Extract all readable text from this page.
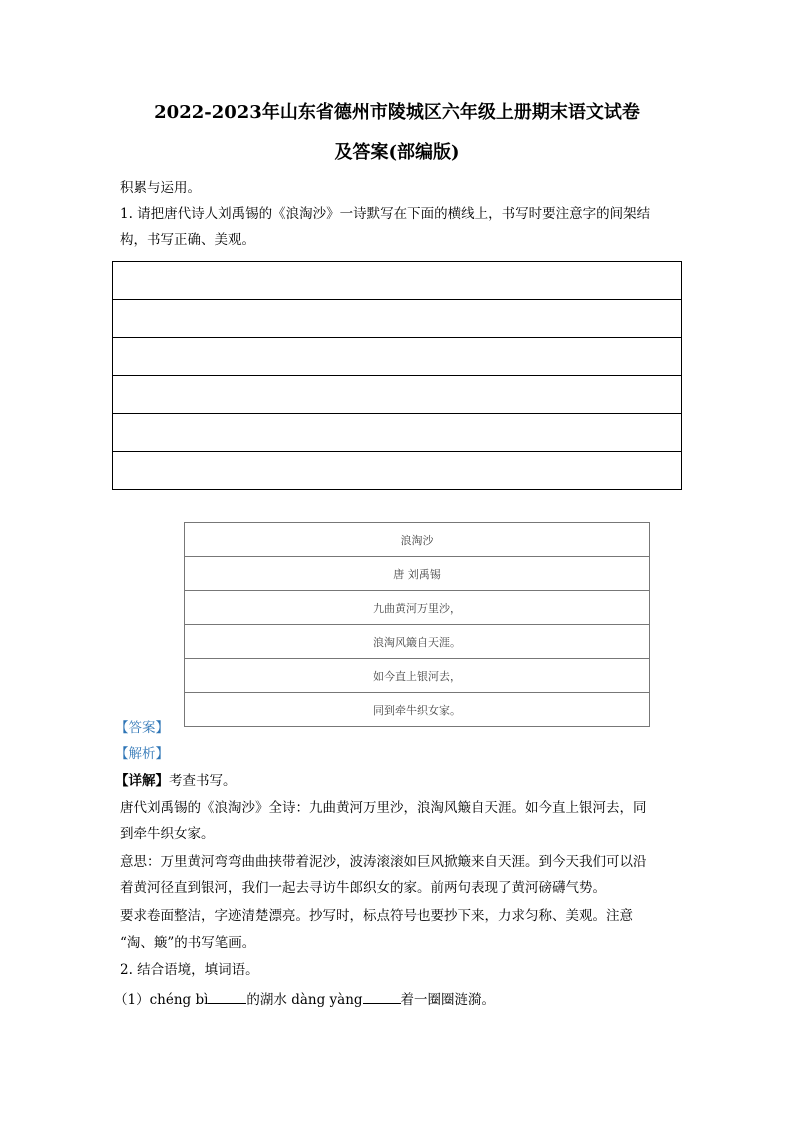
2022-2023年山东省德州市陵城区六年级上册期末语文试卷
及答案(部编版)
积累与运用。
1. 请把唐代诗人刘禹锡的《浪淘沙》一诗默写在下面的横线上，书写时要注意字的间架结
构，书写正确、美观。

浪淘沙
唐 刘禹锡
九曲黄河万里沙，
浪淘风簸自天涯。
如今直上银河去，
同到牵牛织女家。
【答案】
【解析】
【详解】考查书写。
唐代刘禹锡的《浪淘沙》全诗：九曲黄河万里沙，浪淘风簸自天涯。如今直上银河去，同
到牵牛织女家。
意思：万里黄河弯弯曲曲挟带着泥沙，波涛滚滚如巨风掀簸来自天涯。到今天我们可以沿
着黄河径直到银河，我们一起去寻访牛郎织女的家。前两句表现了黄河磅礴气势。
要求卷面整洁，字迹清楚漂亮。抄写时，标点符号也要抄下来，力求匀称、美观。注意
“淘、簸”的书写笔画。
2. 结合语境，填词语。
（1）chéng bì	的湖水 dàng yàng	着一圈圈涟漪。
